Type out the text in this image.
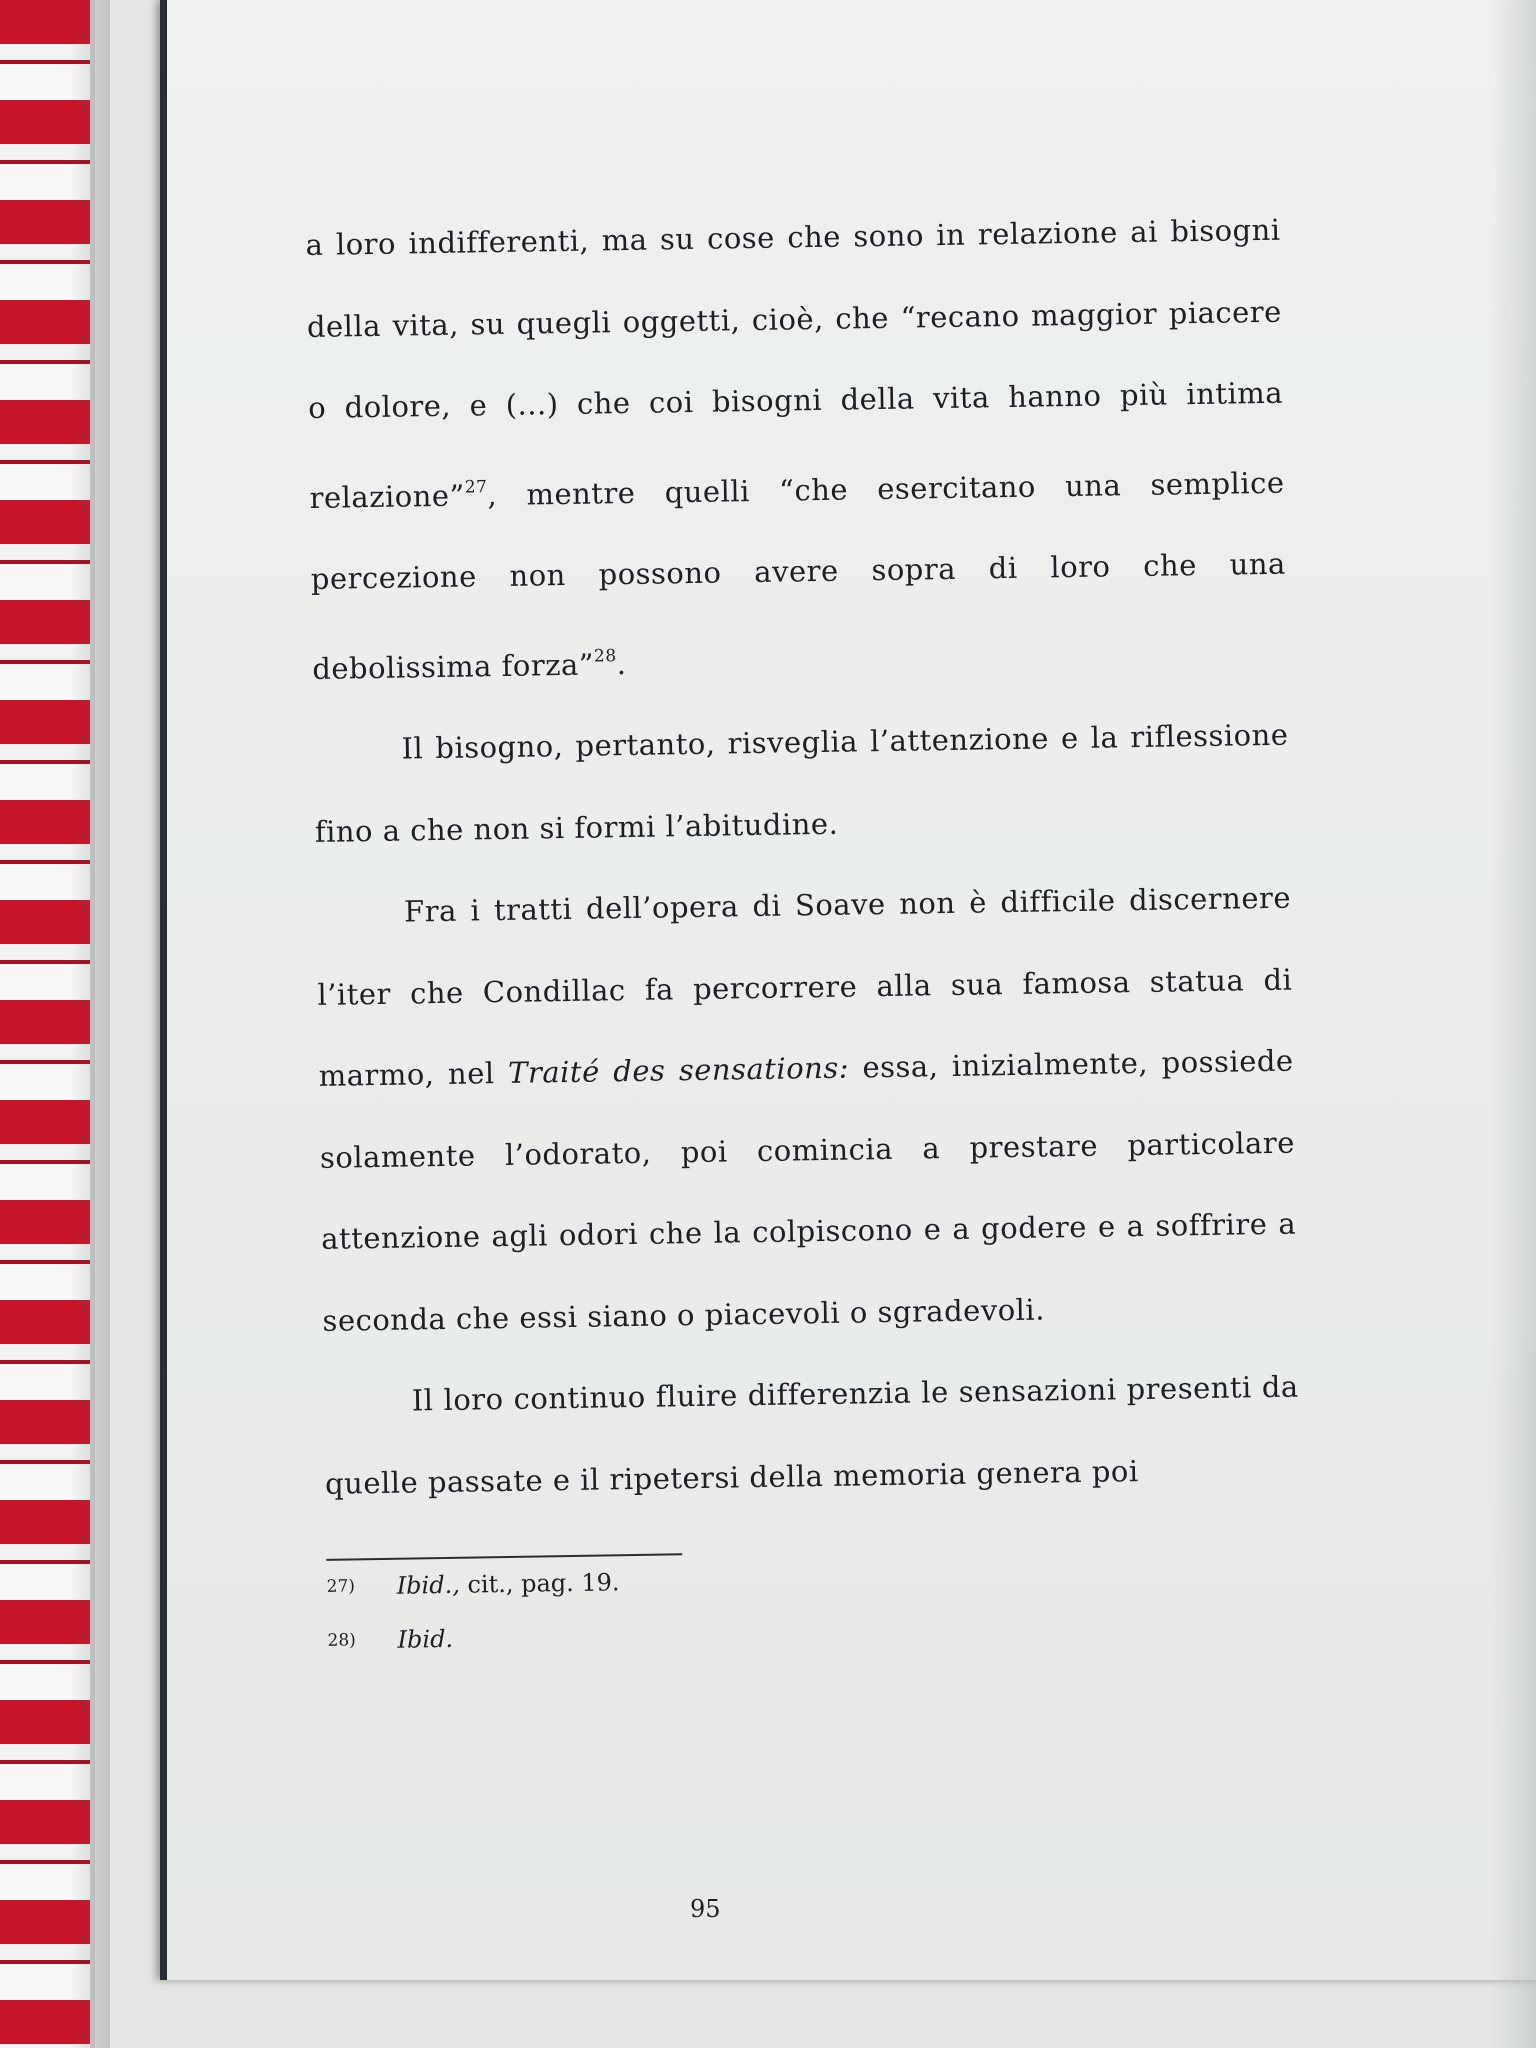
a loro indifferenti, ma su cose che sono in relazione ai bisogni della vita, su quegli oggetti, cioè, che “recano maggior piacere o dolore, e (...) che coi bisogni della vita hanno più intima relazione”$^{27}$, mentre quelli “che esercitano una semplice percezione non possono avere sopra di loro che una debolissima forza”$^{28}$.

Il bisogno, pertanto, risveglia l’attenzione e la riflessione fino a che non si formi l’abitudine.

Fra i tratti dell’opera di Soave non è difficile discernere l’iter che Condillac fa percorrere alla sua famosa statua di marmo, nel Traité des sensations: essa, inizialmente, possiede solamente l’odorato, poi comincia a prestare particolare attenzione agli odori che la colpiscono e a godere e a soffrire a seconda che essi siano o piacevoli o sgradevoli.

Il loro continuo fluire differenzia le sensazioni presenti da quelle passate e il ripetersi della memoria genera poi

$^{27)}$	Ibid., cit., pag. 19.
$^{28)}$	Ibid.
95
